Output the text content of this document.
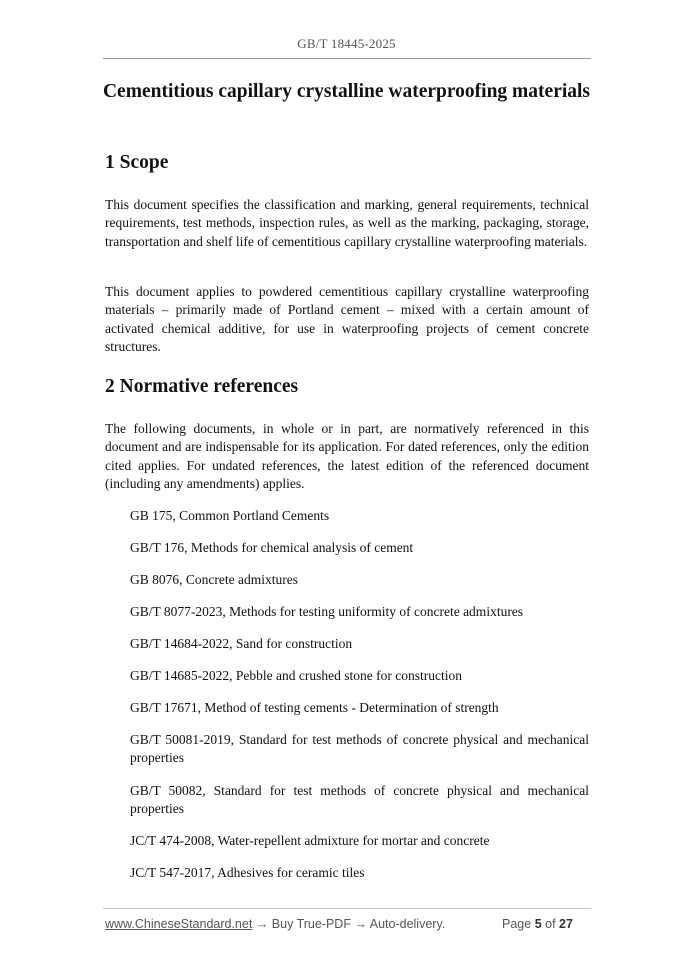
GB/T 18445-2025
Cementitious capillary crystalline waterproofing materials
1 Scope

This document specifies the classification and marking, general requirements, technical requirements, test methods, inspection rules, as well as the marking, packaging, storage, transportation and shelf life of cementitious capillary crystalline waterproofing materials.

This document applies to powdered cementitious capillary crystalline waterproofing materials – primarily made of Portland cement – mixed with a certain amount of activated chemical additive, for use in waterproofing projects of cement concrete structures.

2 Normative references

The following documents, in whole or in part, are normatively referenced in this document and are indispensable for its application. For dated references, only the edition cited applies. For undated references, the latest edition of the referenced document (including any amendments) applies.

GB 175, Common Portland Cements

GB/T 176, Methods for chemical analysis of cement

GB 8076, Concrete admixtures

GB/T 8077-2023, Methods for testing uniformity of concrete admixtures

GB/T 14684-2022, Sand for construction

GB/T 14685-2022, Pebble and crushed stone for construction

GB/T 17671, Method of testing cements - Determination of strength

GB/T 50081-2019, Standard for test methods of concrete physical and mechanical properties

GB/T 50082, Standard for test methods of concrete physical and mechanical properties

JC/T 474-2008, Water-repellent admixture for mortar and concrete

JC/T 547-2017, Adhesives for ceramic tiles

www.ChineseStandard.net → Buy True-PDF → Auto-delivery.	Page 5 of 27
